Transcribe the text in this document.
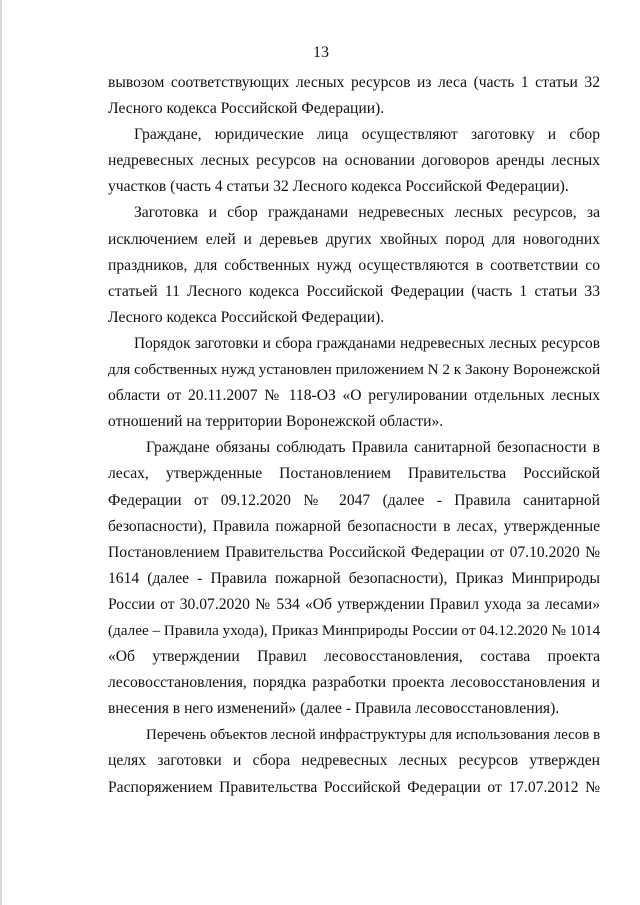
13
вывозом соответствующих лесных ресурсов из леса (часть 1 статьи 32
Лесного кодекса Российской Федерации).
Граждане, юридические лица осуществляют заготовку и сбор
недревесных лесных ресурсов на основании договоров аренды лесных
участков (часть 4 статьи 32 Лесного кодекса Российской Федерации).
Заготовка и сбор гражданами недревесных лесных ресурсов, за
исключением елей и деревьев других хвойных пород для новогодних
праздников, для собственных нужд осуществляются в соответствии со
статьей 11 Лесного кодекса Российской Федерации (часть 1 статьи 33
Лесного кодекса Российской Федерации).
Порядок заготовки и сбора гражданами недревесных лесных ресурсов
для собственных нужд установлен приложением N 2 к Закону Воронежской
области от 20.11.2007 № 118-ОЗ «О регулировании отдельных лесных
отношений на территории Воронежской области».
Граждане обязаны соблюдать Правила санитарной безопасности в
лесах, утвержденные Постановлением Правительства Российской
Федерации от 09.12.2020 № 2047 (далее - Правила санитарной
безопасности), Правила пожарной безопасности в лесах, утвержденные
Постановлением Правительства Российской Федерации от 07.10.2020 №
1614 (далее - Правила пожарной безопасности), Приказ Минприроды
России от 30.07.2020 № 534 «Об утверждении Правил ухода за лесами»
(далее – Правила ухода), Приказ Минприроды России от 04.12.2020 № 1014
«Об утверждении Правил лесовосстановления, состава проекта
лесовосстановления, порядка разработки проекта лесовосстановления и
внесения в него изменений» (далее - Правила лесовосстановления).
Перечень объектов лесной инфраструктуры для использования лесов в
целях заготовки и сбора недревесных лесных ресурсов утвержден
Распоряжением Правительства Российской Федерации от 17.07.2012 №
